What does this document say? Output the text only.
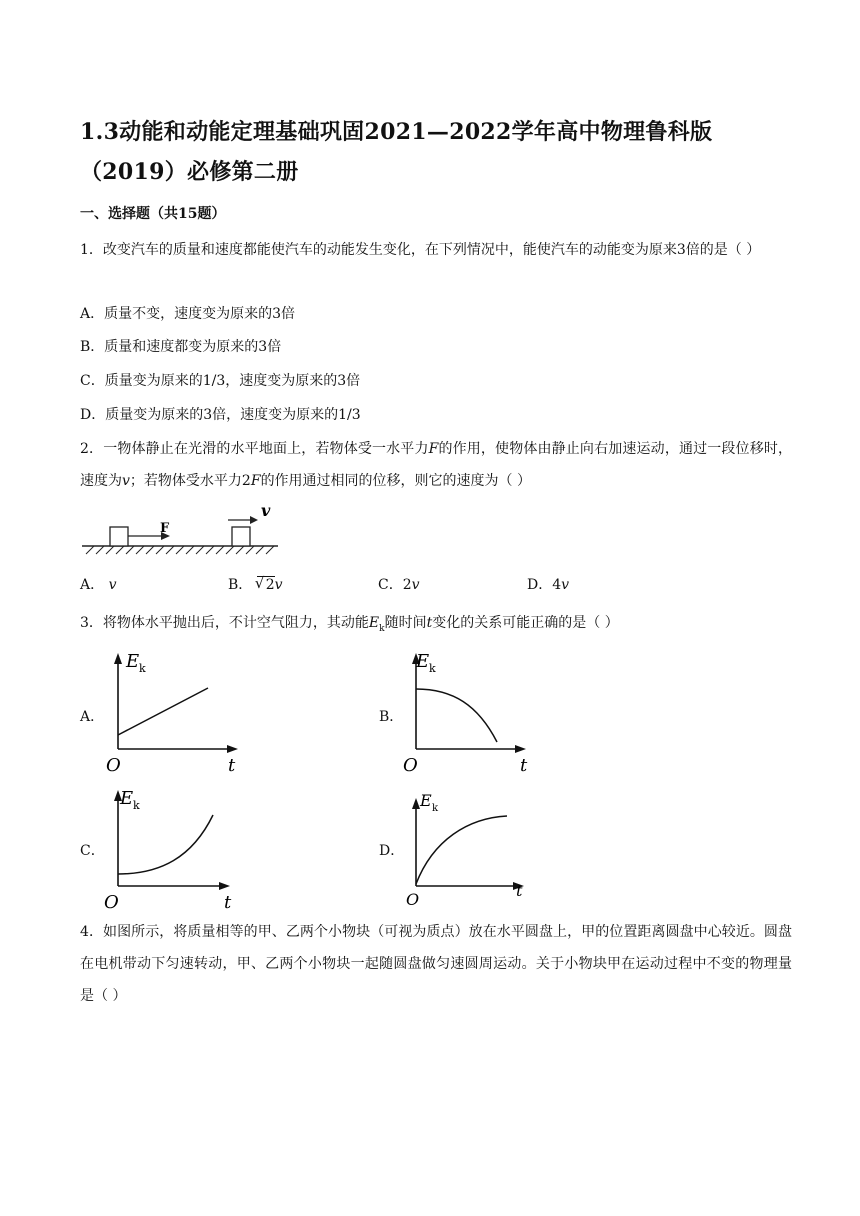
1.3动能和动能定理基础巩固2021—2022学年高中物理鲁科版（2019）必修第二册
一、选择题（共15题）
1．改变汽车的质量和速度都能使汽车的动能发生变化，在下列情况中，能使汽车的动能变为原来3倍的是（ ）
A．质量不变，速度变为原来的3倍
B．质量和速度都变为原来的3倍
C．质量变为原来的1/3，速度变为原来的3倍
D．质量变为原来的3倍，速度变为原来的1/3
2．一物体静止在光滑的水平地面上，若物体受一水平力F的作用，使物体由静止向右加速运动，通过一段位移时，速度为v；若物体受水平力2F的作用通过相同的位移，则它的速度为（ ）
F
v
A． v	B． √ 2v	C．2v	D．4v
3．将物体水平抛出后，不计空气阻力，其动能$E_k$随时间t变化的关系可能正确的是（ ）
A．	B．
C．	D．
E k
O	t
E k
O	t
E k
O	t
E k
O	t
4．如图所示，将质量相等的甲、乙两个小物块（可视为质点）放在水平圆盘上，甲的位置距离圆盘中心较近。圆盘在电机带动下匀速转动，甲、乙两个小物块一起随圆盘做匀速圆周运动。关于小物块甲在运动过程中不变的物理量是（ ）
